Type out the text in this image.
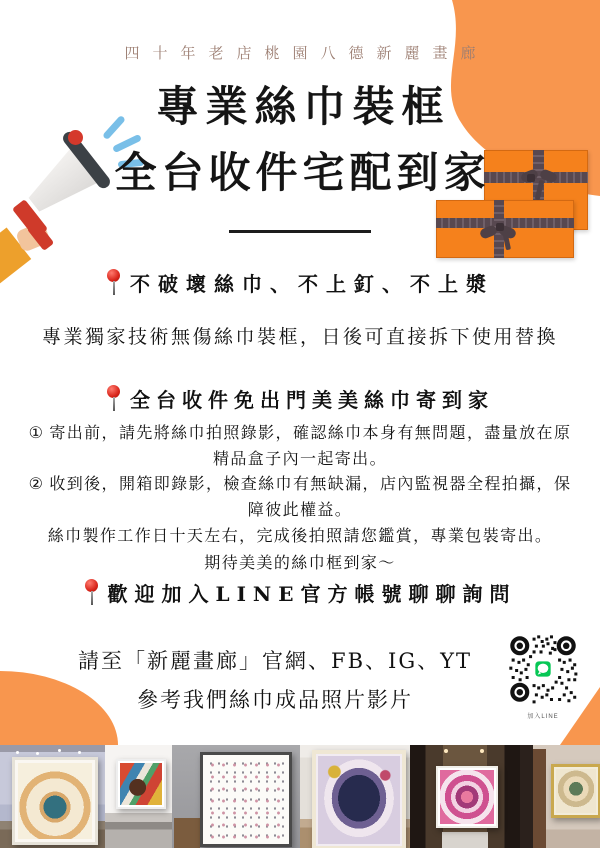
四十年老店桃園八德新麗畫廊
專業絲巾裝框
全台收件宅配到家
不破壞絲巾、不上釘、不上漿
專業獨家技術無傷絲巾裝框，日後可直接拆下使用替換
全台收件免出門美美絲巾寄到家
① 寄出前，請先將絲巾拍照錄影，確認絲巾本身有無問題，盡量放在原精品盒子內一起寄出。
② 收到後，開箱即錄影，檢查絲巾有無缺漏，店內監視器全程拍攝，保障彼此權益。
絲巾製作工作日十天左右，完成後拍照請您鑑賞，專業包裝寄出。
期待美美的絲巾框到家～
歡迎加入LINE官方帳號聊聊詢問
請至「新麗畫廊」官網、FB、IG、YT
參考我們絲巾成品照片影片
加入LINE
